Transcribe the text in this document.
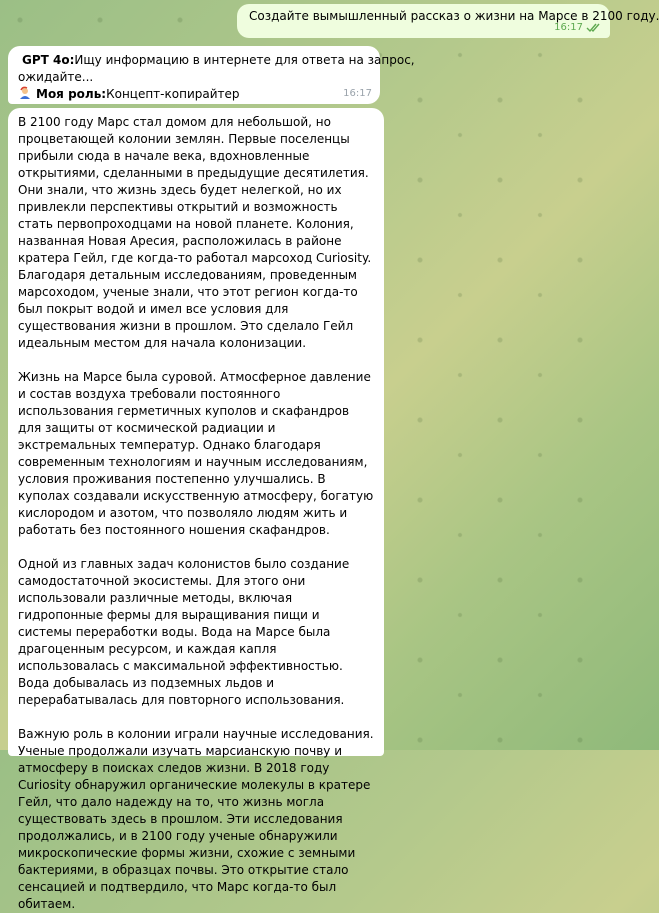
Создайте вымышленный рассказ о жизни на Марсе в 2100 году.
16:17
GPT 4o: Ищу информацию в интернете для ответа на запрос,
ожидайте...
Моя роль: Концепт-копирайтер	16:17

В 2100 году Марс стал домом для небольшой, но процветающей колонии землян. Первые поселенцы прибыли сюда в начале века, вдохновленные открытиями, сделанными в предыдущие десятилетия. Они знали, что жизнь здесь будет нелегкой, но их привлекли перспективы открытий и возможность стать первопроходцами на новой планете. Колония, названная Новая Аресия, расположилась в районе кратера Гейл, где когда-то работал марсоход Curiosity. Благодаря детальным исследованиям, проведенным марсоходом, ученые знали, что этот регион когда-то был покрыт водой и имел все условия для существования жизни в прошлом. Это сделало Гейл идеальным местом для начала колонизации.

Жизнь на Марсе была суровой. Атмосферное давление и состав воздуха требовали постоянного использования герметичных куполов и скафандров для защиты от космической радиации и экстремальных температур. Однако благодаря современным технологиям и научным исследованиям, условия проживания постепенно улучшались. В куполах создавали искусственную атмосферу, богатую кислородом и азотом, что позволяло людям жить и работать без постоянного ношения скафандров.

Одной из главных задач колонистов было создание самодостаточной экосистемы. Для этого они использовали различные методы, включая гидропонные фермы для выращивания пищи и системы переработки воды. Вода на Марсе была драгоценным ресурсом, и каждая капля использовалась с максимальной эффективностью. Вода добывалась из подземных льдов и перерабатывалась для повторного использования.

Важную роль в колонии играли научные исследования. Ученые продолжали изучать марсианскую почву и атмосферу в поисках следов жизни. В 2018 году Curiosity обнаружил органические молекулы в кратере Гейл, что дало надежду на то, что жизнь могла существовать здесь в прошлом. Эти исследования продолжались, и в 2100 году ученые обнаружили микроскопические формы жизни, схожие с земными бактериями, в образцах почвы. Это открытие стало сенсацией и подтвердило, что Марс когда-то был обитаем.
